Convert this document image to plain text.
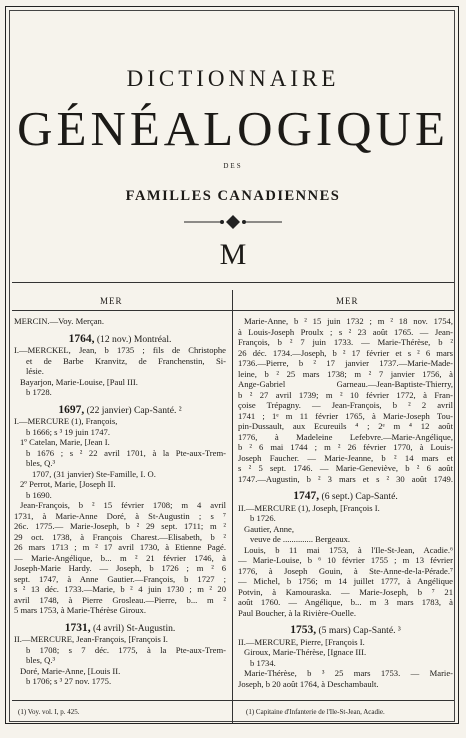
DICTIONNAIRE
GÉNÉALOGIQUE
DES
FAMILLES CANADIENNES
M
MER	MER
MERCIN.—Voy. Merçan.
1764, (12 nov.) Montréal.
I.—MERCKEL, Jean, b 1735 ; fils de Christophe
et de Barbe Kranvitz, de Franchenstin, Si-
lésie.
Bayarjon, Marie-Louise, [Paul III.
b 1728.
1697, (22 janvier) Cap-Santé. ²
I.—MERCURE (1), François,
b 1666; s ³ 19 juin 1747.
1º Catelan, Marie, [Jean I.
b 1676 ; s ² 22 avril 1701, à la Pte-aux-Trem-
bles, Q.³
1707, (31 janvier) Ste-Famille, I. O.
2º Perrot, Marie, [Joseph II.
b 1690.
Jean-François, b ² 15 février 1708; m 4 avril
1731, à Marie-Anne Doré, à St-Augustin ; s ⁷
26c. 1775.— Marie-Joseph, b ² 29 sept. 1711; m ²
29 oct. 1738, à François Charest.—Elisabeth, b ²
26 mars 1713 ; m ² 17 avril 1730, à Etienne Pagé.
— Marie-Angélique, b... m ² 21 février 1746, à
Joseph-Marie Hardy. — Joseph, b 1726 ; m ² 6
sept. 1747, à Anne Gautier.—François, b 1727 ;
s ² 13 déc. 1733.—Marie, b ² 4 juin 1730 ; m ² 20
avril 1748, à Pierre Grosleau.—Pierre, b... m ²
5 mars 1753, à Marie-Thérèse Giroux.
1731, (4 avril) St-Augustin.
II.—MERCURE, Jean-François, [François I.
b 1708; s 7 déc. 1775, à la Pte-aux-Trem-
bles, Q.³
Doré, Marie-Anne, [Louis II.
b 1706; s ³ 27 nov. 1775.
Marie-Anne, b ² 15 juin 1732 ; m ² 18 nov. 1754,
à Louis-Joseph Proulx ; s ² 23 août 1765. — Jean-
François, b ² 7 juin 1733. — Marie-Thérèse, b ²
26 déc. 1734.—Joseph, b ² 17 février et s ² 6 mars
1736.—Pierre, b ² 17 janvier 1737.—Marie-Made-
leine, b ² 25 mars 1738; m ² 7 janvier 1756, à
Ange-Gabriel Garneau.—Jean-Baptiste-Thierry,
b ² 27 avril 1739; m ² 10 février 1772, à Fran-
çoise Trépagny. — Jean-François, b ² 2 avril
1741 ; 1ᵉ m 11 février 1765, à Marie-Joseph Tou-
pin-Dussault, aux Ecureuils ⁴ ; 2ᵉ m ⁴ 12 août
1776, à Madeleine Lefebvre.—Marie-Angélique,
b ² 6 mai 1744 ; m ² 26 février 1770, à Louis-
Joseph Faucher. — Marie-Jeanne, b ² 14 mars et
s ² 5 sept. 1746. — Marie-Geneviève, b ² 6 août
1747.—Augustin, b ² 3 mars et s ² 30 août 1749.
1747, (6 sept.) Cap-Santé.
II.—MERCURE (1), Joseph, [François I.
b 1726.
Gautier, Anne,
veuve de .............. Bergeaux.
Louis, b 11 mai 1753, à l'Ile-St-Jean, Acadie.⁶
— Marie-Louise, b ⁶ 10 février 1755 ; m 13 février
1776, à Joseph Gouin, à Ste-Anne-de-la-Pérade.⁷
— Michel, b 1756; m 14 juillet 1777, à Angélique
Potvin, à Kamouraska. — Marie-Joseph, b ⁷ 21
août 1760. — Angélique, b... m 3 mars 1783, à
Paul Boucher, à la Rivière-Ouelle.
1753, (5 mars) Cap-Santé. ³
II.—MERCURE, Pierre, [François I.
Giroux, Marie-Thérèse, [Ignace III.
b 1734.
Marie-Thérèse, b ³ 25 mars 1753. — Marie-
Joseph, b 20 août 1764, à Deschambault.
(1) Voy. vol. I, p. 425.	(1) Capitaine d'Infanterie de l'Ile-St-Jean, Acadie.
